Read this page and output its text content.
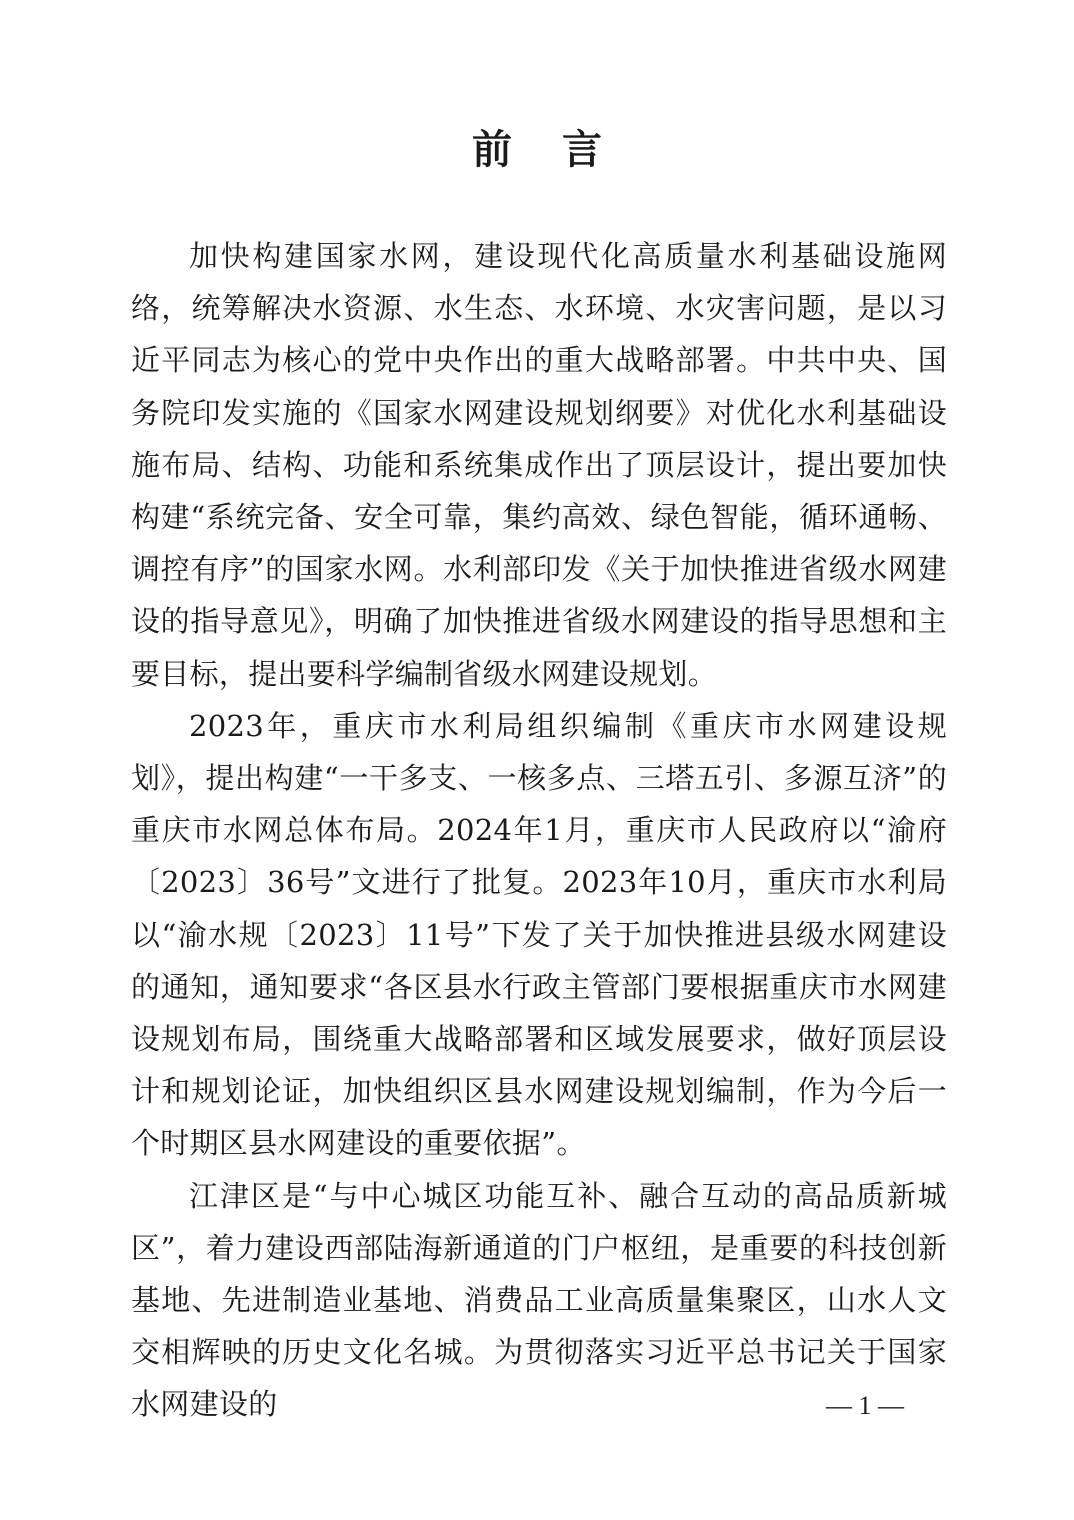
前 言

加快构建国家水网，建设现代化高质量水利基础设施网络，统筹解决水资源、水生态、水环境、水灾害问题，是以习近平同志为核心的党中央作出的重大战略部署。中共中央、国务院印发实施的《国家水网建设规划纲要》对优化水利基础设施布局、结构、功能和系统集成作出了顶层设计，提出要加快构建“系统完备、安全可靠，集约高效、绿色智能，循环通畅、调控有序”的国家水网。水利部印发《关于加快推进省级水网建设的指导意见》，明确了加快推进省级水网建设的指导思想和主要目标，提出要科学编制省级水网建设规划。

2023年，重庆市水利局组织编制《重庆市水网建设规划》，提出构建“一干多支、一核多点、三塔五引、多源互济”的重庆市水网总体布局。2024年1月，重庆市人民政府以“渝府〔2023〕36号”文进行了批复。2023年10月，重庆市水利局以“渝水规〔2023〕11号”下发了关于加快推进县级水网建设的通知，通知要求“各区县水行政主管部门要根据重庆市水网建设规划布局，围绕重大战略部署和区域发展要求，做好顶层设计和规划论证，加快组织区县水网建设规划编制，作为今后一个时期区县水网建设的重要依据”。

江津区是“与中心城区功能互补、融合互动的高品质新城区”，着力建设西部陆海新通道的门户枢纽，是重要的科技创新基地、先进制造业基地、消费品工业高质量集聚区，山水人文交相辉映的历史文化名城。为贯彻落实习近平总书记关于国家水网建设的	— 1 —
